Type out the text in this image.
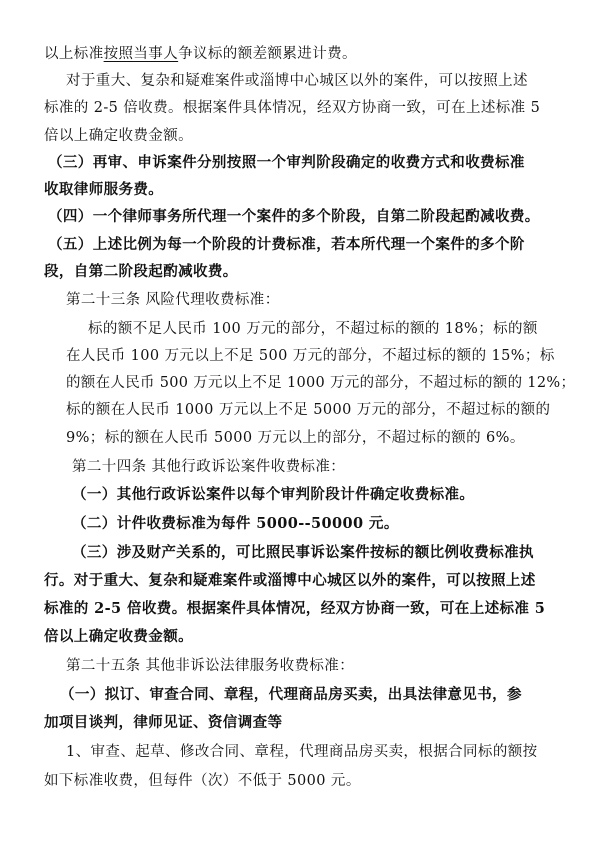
以上标准按照当事人争议标的额差额累进计费。
对于重大、复杂和疑难案件或淄博中心城区以外的案件，可以按照上述
标准的 2-5 倍收费。根据案件具体情况，经双方协商一致，可在上述标准 5
倍以上确定收费金额。
（三）再审、申诉案件分别按照一个审判阶段确定的收费方式和收费标准
收取律师服务费。
（四）一个律师事务所代理一个案件的多个阶段，自第二阶段起酌减收费。
（五）上述比例为每一个阶段的计费标准，若本所代理一个案件的多个阶
段，自第二阶段起酌减收费。
第二十三条 风险代理收费标准：
标的额不足人民币 100 万元的部分，不超过标的额的 18%；标的额
在人民币 100 万元以上不足 500 万元的部分，不超过标的额的 15%；标
的额在人民币 500 万元以上不足 1000 万元的部分，不超过标的额的 12%；
标的额在人民币 1000 万元以上不足 5000 万元的部分，不超过标的额的
9%；标的额在人民币 5000 万元以上的部分，不超过标的额的 6%。
第二十四条 其他行政诉讼案件收费标准：
（一）其他行政诉讼案件以每个审判阶段计件确定收费标准。
（二）计件收费标准为每件 5000--50000 元。
（三）涉及财产关系的，可比照民事诉讼案件按标的额比例收费标准执
行。对于重大、复杂和疑难案件或淄博中心城区以外的案件，可以按照上述
标准的 2-5 倍收费。根据案件具体情况，经双方协商一致，可在上述标准 5
倍以上确定收费金额。
第二十五条 其他非诉讼法律服务收费标准：
（一）拟订、审查合同、章程，代理商品房买卖，出具法律意见书，参
加项目谈判，律师见证、资信调查等
1、审查、起草、修改合同、章程，代理商品房买卖，根据合同标的额按
如下标准收费，但每件（次）不低于 5000 元。
